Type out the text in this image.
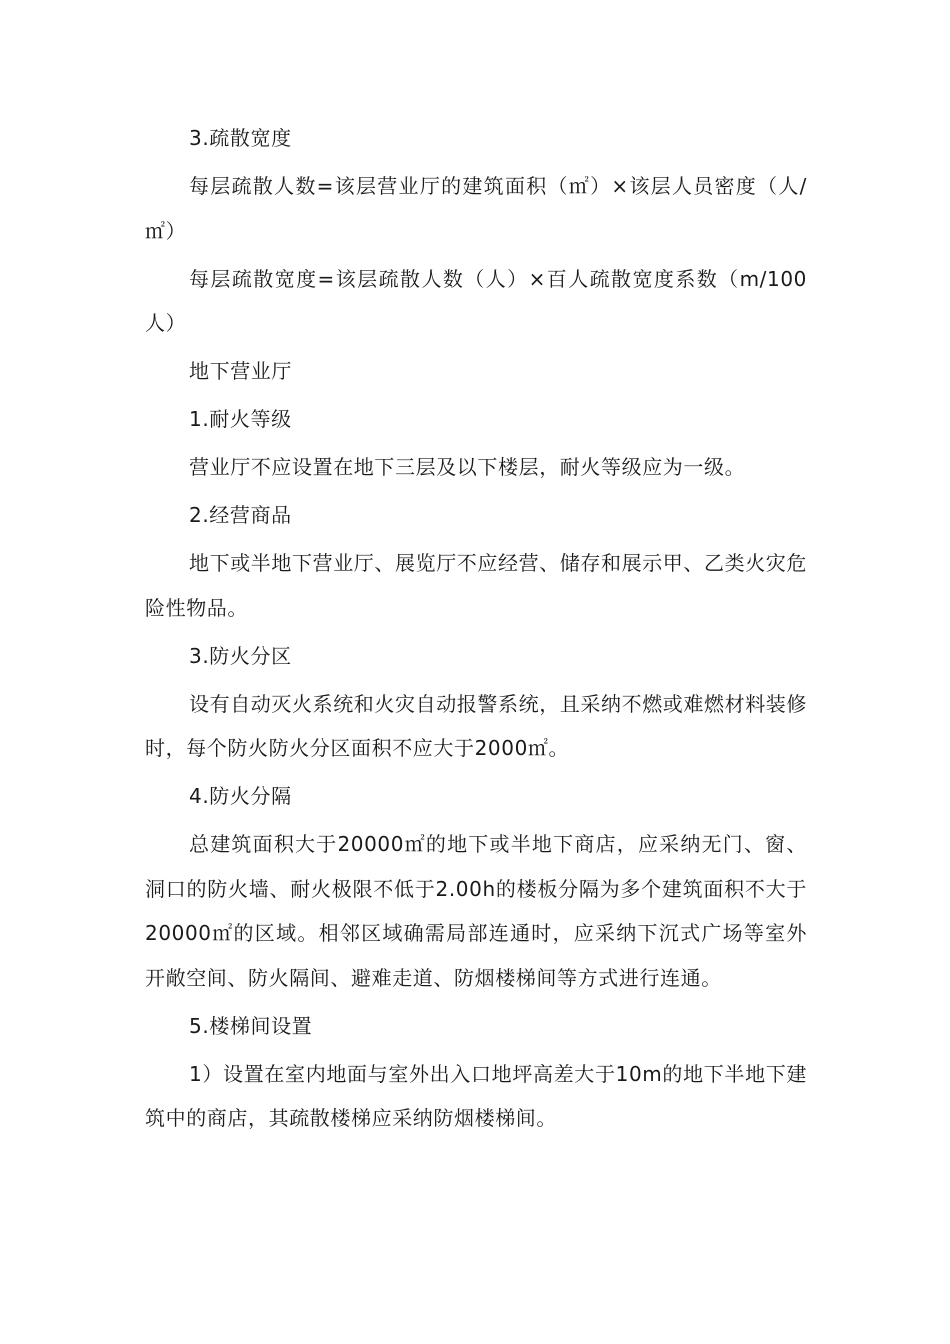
3.疏散宽度

每层疏散人数=该层营业厅的建筑面积（㎡）×该层人员密度（人/㎡）

每层疏散宽度=该层疏散人数（人）×百人疏散宽度系数（m/100人）

地下营业厅

1.耐火等级

营业厅不应设置在地下三层及以下楼层，耐火等级应为一级。

2.经营商品

地下或半地下营业厅、展览厅不应经营、储存和展示甲、乙类火灾危险性物品。

3.防火分区

设有自动灭火系统和火灾自动报警系统，且采纳不燃或难燃材料装修时，每个防火防火分区面积不应大于2000㎡。

4.防火分隔

总建筑面积大于20000㎡的地下或半地下商店，应采纳无门、窗、洞口的防火墙、耐火极限不低于2.00h的楼板分隔为多个建筑面积不大于20000㎡的区域。相邻区域确需局部连通时，应采纳下沉式广场等室外开敞空间、防火隔间、避难走道、防烟楼梯间等方式进行连通。

5.楼梯间设置

1）设置在室内地面与室外出入口地坪高差大于10m的地下半地下建筑中的商店，其疏散楼梯应采纳防烟楼梯间。
